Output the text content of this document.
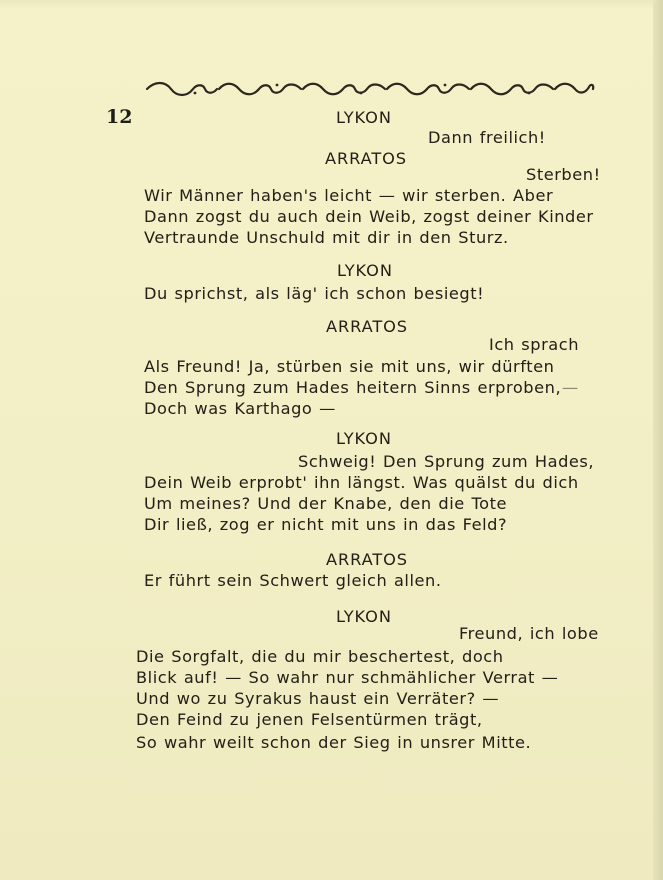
12	LYKON
Dann freilich!
ARRATOS
Sterben!
Wir Männer haben's leicht — wir sterben. Aber
Dann zogst du auch dein Weib, zogst deiner Kinder
Vertraunde Unschuld mit dir in den Sturz.
LYKON
Du sprichst, als läg' ich schon besiegt!
ARRATOS
Ich sprach
Als Freund! Ja, stürben sie mit uns, wir dürften
Den Sprung zum Hades heitern Sinns erproben, —
Doch was Karthago —
LYKON
Schweig! Den Sprung zum Hades,
Dein Weib erprobt' ihn längst. Was quälst du dich
Um meines? Und der Knabe, den die Tote
Dir ließ, zog er nicht mit uns in das Feld?
ARRATOS
Er führt sein Schwert gleich allen.
LYKON
Freund, ich lobe
Die Sorgfalt, die du mir beschertest, doch
Blick auf! — So wahr nur schmählicher Verrat —
Und wo zu Syrakus haust ein Verräter? —
Den Feind zu jenen Felsentürmen trägt,
So wahr weilt schon der Sieg in unsrer Mitte.
